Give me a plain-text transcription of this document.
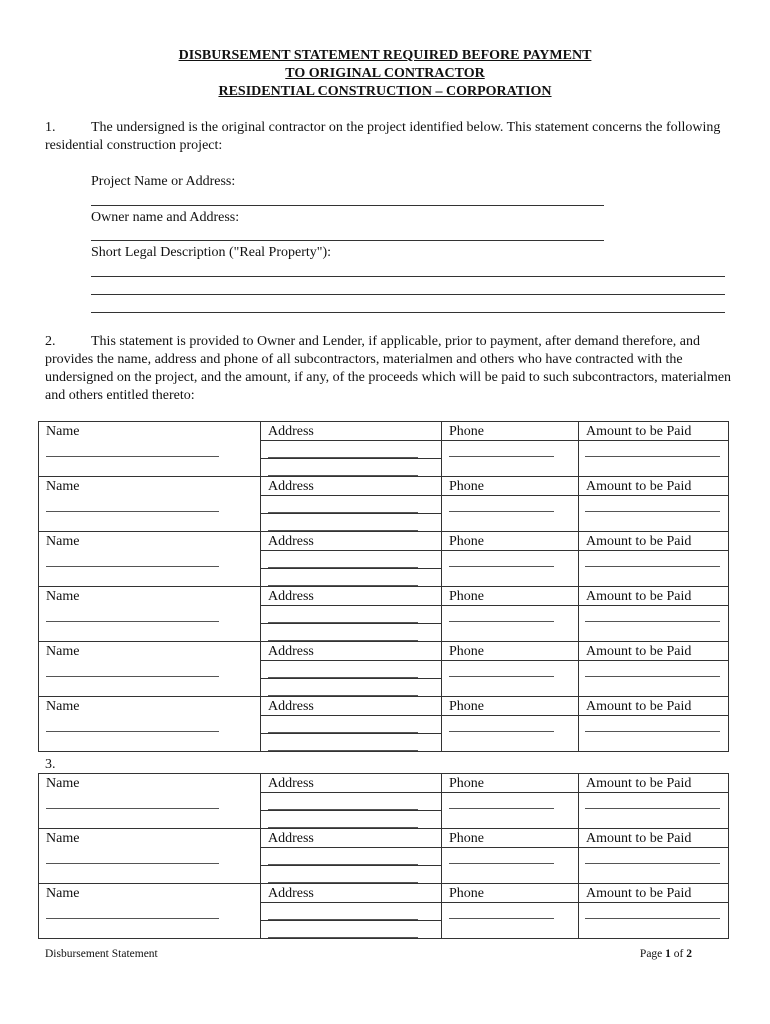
DISBURSEMENT STATEMENT REQUIRED BEFORE PAYMENT
TO ORIGINAL CONTRACTOR
RESIDENTIAL CONSTRUCTION – CORPORATION
1.	The undersigned is the original contractor on the project identified below. This statement concerns the following residential construction project:
Project Name or Address:
Owner name and Address:
Short Legal Description ("Real Property"):
2.	This statement is provided to Owner and Lender, if applicable, prior to payment, after demand therefore, and provides the name, address and phone of all subcontractors, materialmen and others who have contracted with the undersigned on the project, and the amount, if any, of the proceeds which will be paid to such subcontractors, materialmen and others entitled thereto:
Name	Address	Phone	Amount to be Paid

Name	Address	Phone	Amount to be Paid

Name	Address	Phone	Amount to be Paid

Name	Address	Phone	Amount to be Paid

Name	Address	Phone	Amount to be Paid

Name	Address	Phone	Amount to be Paid
3.
Name	Address	Phone	Amount to be Paid

Name	Address	Phone	Amount to be Paid

Name	Address	Phone	Amount to be Paid
Disbursement Statement	Page 1 of 2
